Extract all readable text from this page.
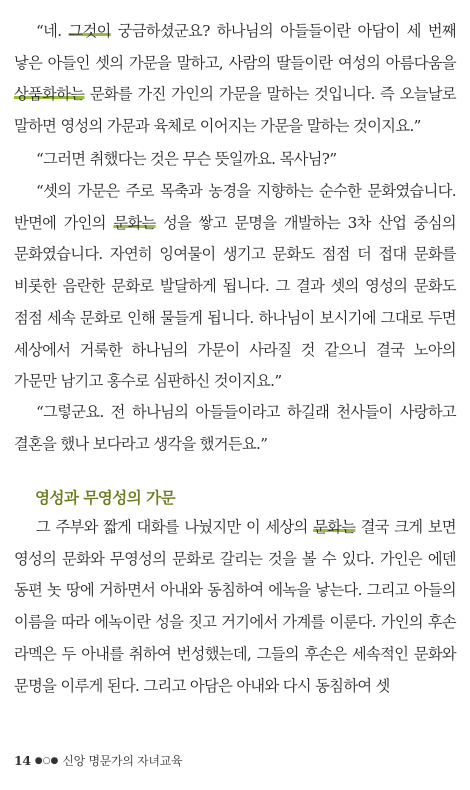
“네. 그것이 궁금하셨군요? 하나님의 아들들이란 아담이 세 번째 낳은 아들인 셋의 가문을 말하고, 사람의 딸들이란 여성의 아름다움을 상품화하는 문화를 가진 가인의 가문을 말하는 것입니다. 즉 오늘날로 말하면 영성의 가문과 육체로 이어지는 가문을 말하는 것이지요.”

“그러면 취했다는 것은 무슨 뜻일까요. 목사님?”

“셋의 가문은 주로 목축과 농경을 지향하는 순수한 문화였습니다. 반면에 가인의 문화는 성을 쌓고 문명을 개발하는 3차 산업 중심의 문화였습니다. 자연히 잉여물이 생기고 문화도 점점 더 접대 문화를 비롯한 음란한 문화로 발달하게 됩니다. 그 결과 셋의 영성의 문화도 점점 세속 문화로 인해 물들게 됩니다. 하나님이 보시기에 그대로 두면 세상에서 거룩한 하나님의 가문이 사라질 것 같으니 결국 노아의 가문만 남기고 홍수로 심판하신 것이지요.”

“그렇군요. 전 하나님의 아들들이라고 하길래 천사들이 사랑하고 결혼을 했나 보다라고 생각을 했거든요.”

영성과 무영성의 가문

그 주부와 짧게 대화를 나눴지만 이 세상의 문화는 결국 크게 보면 영성의 문화와 무영성의 문화로 갈리는 것을 볼 수 있다. 가인은 에덴 동편 놋 땅에 거하면서 아내와 동침하여 에녹을 낳는다. 그리고 아들의 이름을 따라 에녹이란 성을 짓고 거기에서 가계를 이룬다. 가인의 후손 라멕은 두 아내를 취하여 번성했는데, 그들의 후손은 세속적인 문화와 문명을 이루게 된다. 그리고 아담은 아내와 다시 동침하여 셋

14 ●○● 신앙 명문가의 자녀교육
